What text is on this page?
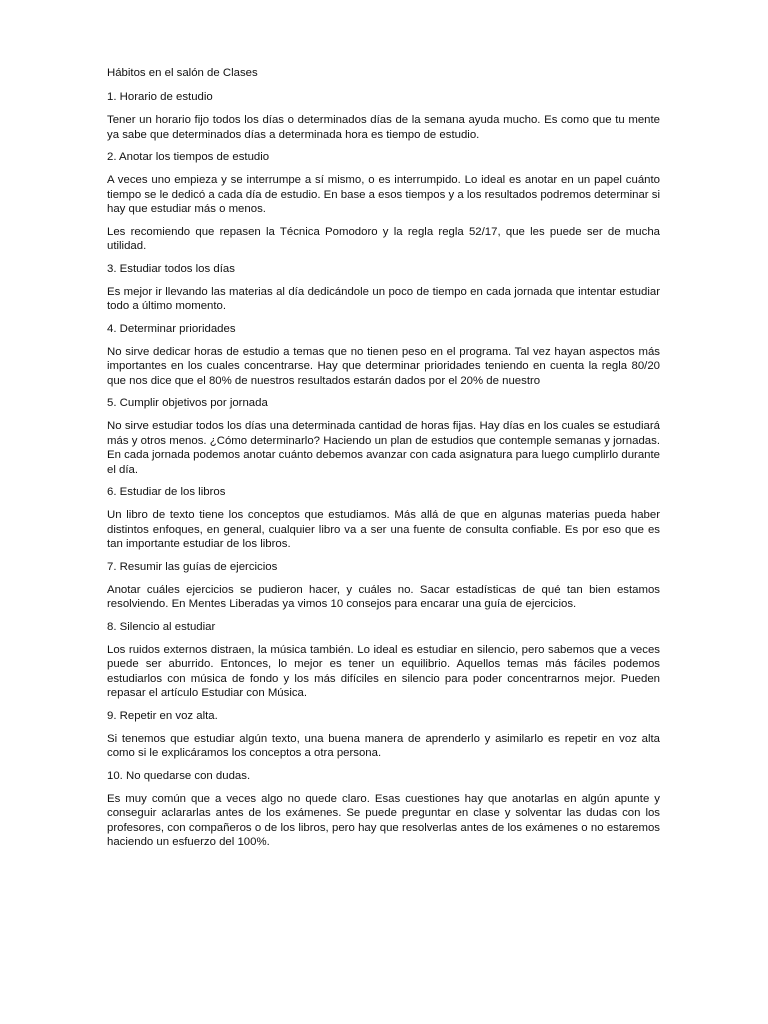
Hábitos en el salón de Clases
1. Horario de estudio

Tener un horario fijo todos los días o determinados días de la semana ayuda mucho. Es como que tu mente ya sabe que determinados días a determinada hora es tiempo de estudio.

2. Anotar los tiempos de estudio

A veces uno empieza y se interrumpe a sí mismo, o es interrumpido. Lo ideal es anotar en un papel cuánto tiempo se le dedicó a cada día de estudio. En base a esos tiempos y a los resultados podremos determinar si hay que estudiar más o menos.

Les recomiendo que repasen la Técnica Pomodoro y la regla regla 52/17, que les puede ser de mucha utilidad.

3. Estudiar todos los días

Es mejor ir llevando las materias al día dedicándole un poco de tiempo en cada jornada que intentar estudiar todo a último momento.

4. Determinar prioridades

No sirve dedicar horas de estudio a temas que no tienen peso en el programa. Tal vez hayan aspectos más importantes en los cuales concentrarse. Hay que determinar prioridades teniendo en cuenta la regla 80/20 que nos dice que el 80% de nuestros resultados estarán dados por el 20% de nuestro

5. Cumplir objetivos por jornada

No sirve estudiar todos los días una determinada cantidad de horas fijas. Hay días en los cuales se estudiará más y otros menos. ¿Cómo determinarlo? Haciendo un plan de estudios que contemple semanas y jornadas. En cada jornada podemos anotar cuánto debemos avanzar con cada asignatura para luego cumplirlo durante el día.

6. Estudiar de los libros

Un libro de texto tiene los conceptos que estudiamos. Más allá de que en algunas materias pueda haber distintos enfoques, en general, cualquier libro va a ser una fuente de consulta confiable. Es por eso que es tan importante estudiar de los libros.

7. Resumir las guías de ejercicios

Anotar cuáles ejercicios se pudieron hacer, y cuáles no. Sacar estadísticas de qué tan bien estamos resolviendo. En Mentes Liberadas ya vimos 10 consejos para encarar una guía de ejercicios.

8. Silencio al estudiar

Los ruidos externos distraen, la música también. Lo ideal es estudiar en silencio, pero sabemos que a veces puede ser aburrido. Entonces, lo mejor es tener un equilibrio. Aquellos temas más fáciles podemos estudiarlos con música de fondo y los más difíciles en silencio para poder concentrarnos mejor. Pueden repasar el artículo Estudiar con Música.

9. Repetir en voz alta.

Si tenemos que estudiar algún texto, una buena manera de aprenderlo y asimilarlo es repetir en voz alta como si le explicáramos los conceptos a otra persona.

10. No quedarse con dudas.

Es muy común que a veces algo no quede claro. Esas cuestiones hay que anotarlas en algún apunte y conseguir aclararlas antes de los exámenes. Se puede preguntar en clase y solventar las dudas con los profesores, con compañeros o de los libros, pero hay que resolverlas antes de los exámenes o no estaremos haciendo un esfuerzo del 100%.
